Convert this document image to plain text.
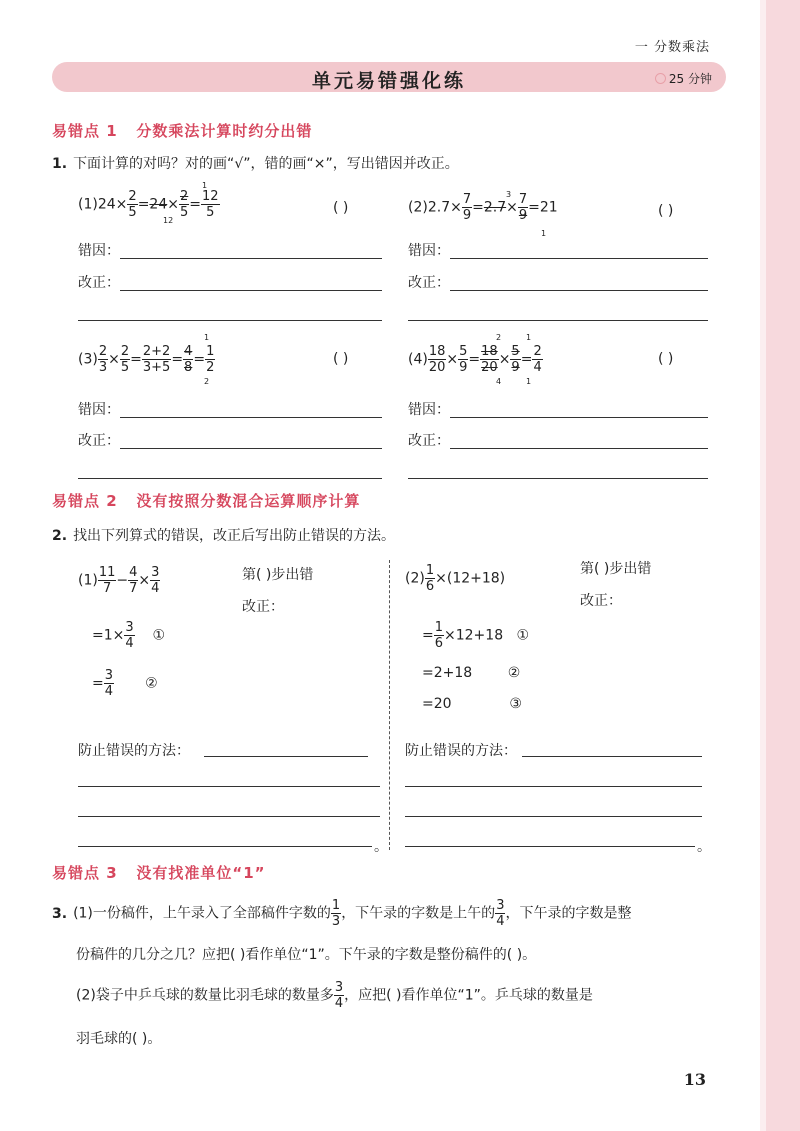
一 分数乘法
单元易错强化练	25 分钟
易错点 1 分数乘法计算时约分出错
1. 下面计算的对吗？对的画“√”，错的画“×”，写出错因并改正。
$(1)24\times \frac{2}{5} =24\times \frac{2}{5} = \frac{12}{5}$
12
1
( )	$(2)2.7\times \frac{7}{9} =2.7\times \frac{7}{9} =21$
3
1
( )
错因：
改正：
错因：
改正：
$(3) \frac{2}{3} \times \frac{2}{5} = \frac{2+2}{3+5} = \frac{4}{8} = \frac{1}{2}$
1
2
( )	$(4) \frac{18}{20} \times \frac{5}{9} = \frac{18}{20} \times \frac{5}{9} = \frac{2}{4}$
2
4
1
1
( )
错因：
改正：
错因：
改正：
易错点 2 没有按照分数混合运算顺序计算
2. 找出下列算式的错误，改正后写出防止错误的方法。
$(1) \frac{11}{7} - \frac{4}{7} \times \frac{3}{4}$	第( )步出错
改正：
$=1\times \frac{3}{4}$ ①
= $\frac{3}{4}$ ②
$(2) \frac{1}{6} \times(12+18)$
第( )步出错
改正：
= $\frac{1}{6} \times 12+18$ ①
=2+18	②
=20	③
防止错误的方法：
。
防止错误的方法：
。
易错点 3 没有找准单位“1”
3. (1)一份稿件，上午录入了全部稿件字数的 $\frac{1}{3}$ ，下午录的字数是上午的 $\frac{3}{4}$ ，下午录的字数是整
份稿件的几分之几？应把( )看作单位“1”。下午录的字数是整份稿件的( )。
(2)袋子中乒乓球的数量比羽毛球的数量多 $\frac{3}{4}$ ，应把( )看作单位“1”。乒乓球的数量是
羽毛球的( )。
13
